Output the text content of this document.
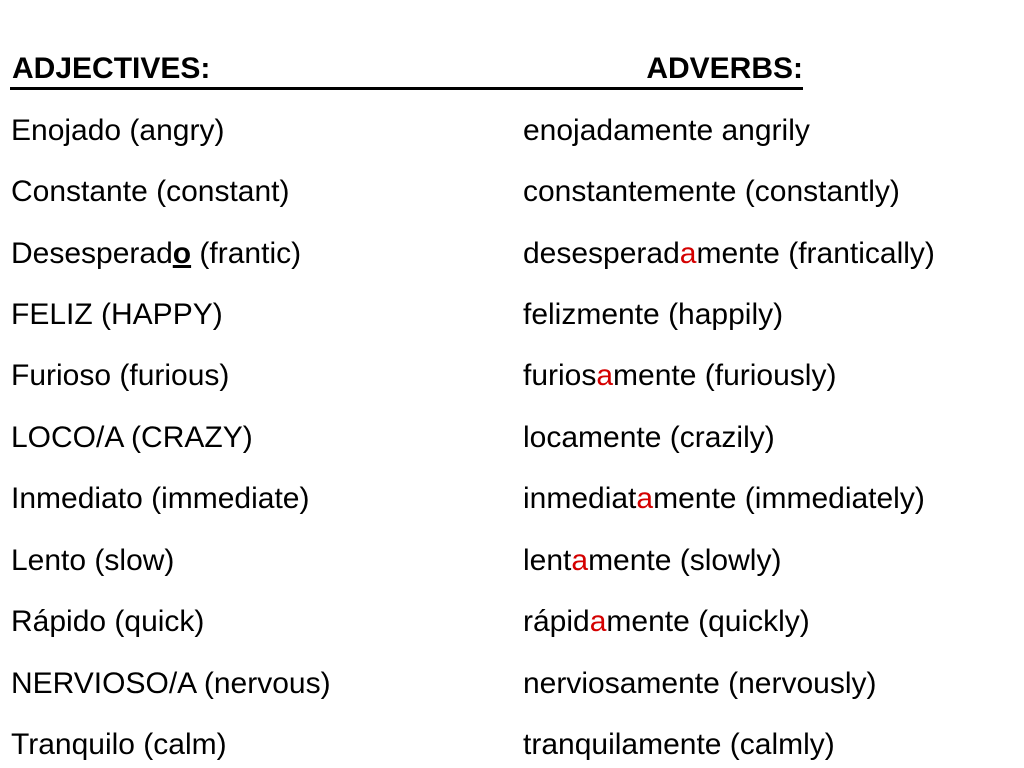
ADJECTIVES:	ADVERBS:
Enojado (angry)	enojadamente angrily
Constante (constant)	constantemente (constantly)
Desesperado (frantic)	desesperadamente (frantically)
FELIZ (HAPPY)	felizmente (happily)
Furioso (furious)	furiosamente (furiously)
LOCO/A (CRAZY)	locamente (crazily)
Inmediato (immediate)	inmediatamente (immediately)
Lento (slow)	lentamente (slowly)
Rápido (quick)	rápidamente (quickly)
NERVIOSO/A (nervous)	nerviosamente (nervously)
Tranquilo (calm)	tranquilamente (calmly)
